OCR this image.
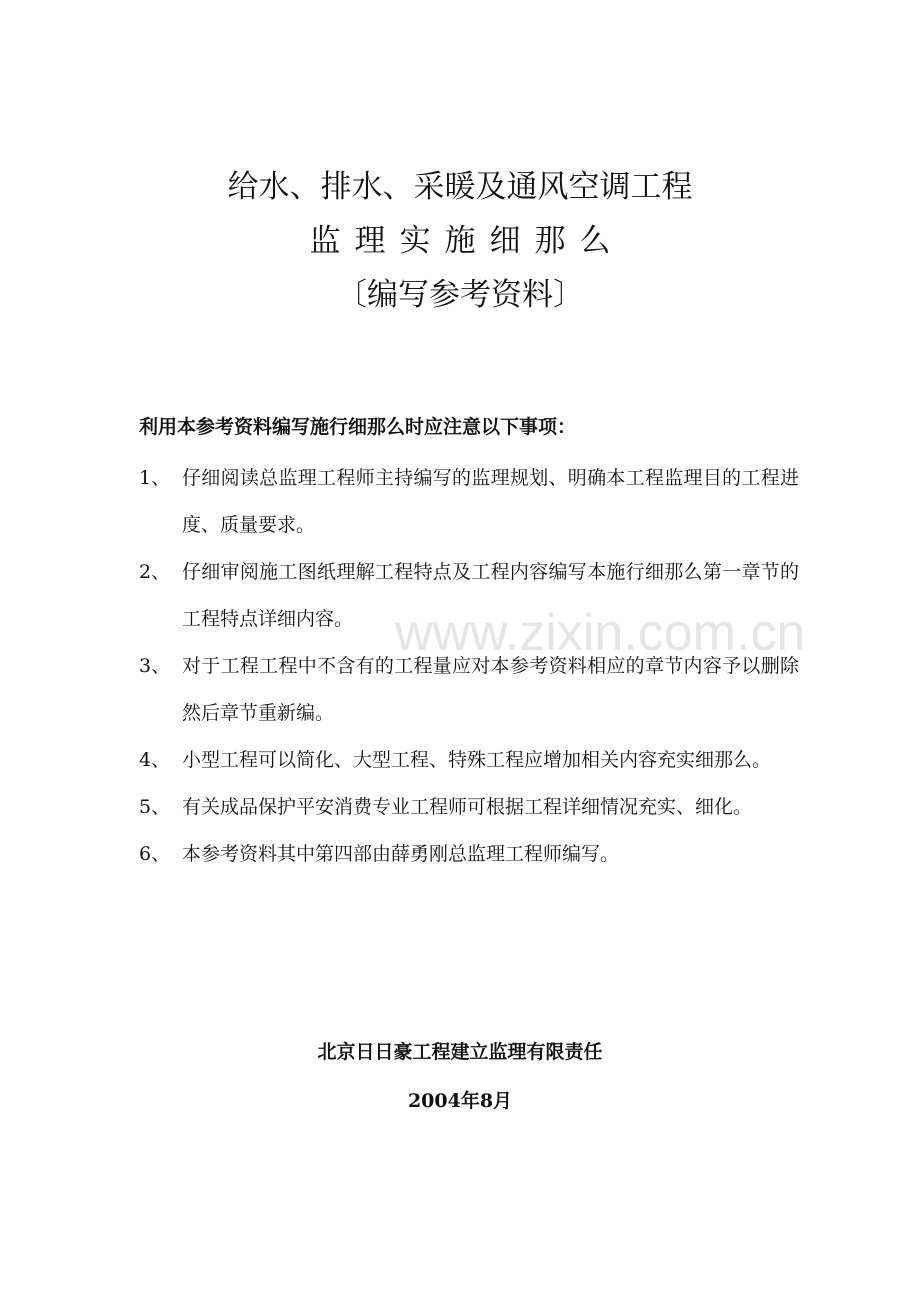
给水、排水、采暖及通风空调工程
监理实施细那么
〔编写参考资料〕
利用本参考资料编写施行细那么时应注意以下事项：
1、 仔细阅读总监理工程师主持编写的监理规划、明确本工程监理目的工程进度、质量要求。
2、 仔细审阅施工图纸理解工程特点及工程内容编写本施行细那么第一章节的工程特点详细内容。
3、 对于工程工程中不含有的工程量应对本参考资料相应的章节内容予以删除然后章节重新编。
4、 小型工程可以简化、大型工程、特殊工程应增加相关内容充实细那么。
5、 有关成品保护平安消费专业工程师可根据工程详细情况充实、细化。
6、 本参考资料其中第四部由薛勇刚总监理工程师编写。
www.zixin.com.cn
北京日日豪工程建立监理有限责任
2004年8月
